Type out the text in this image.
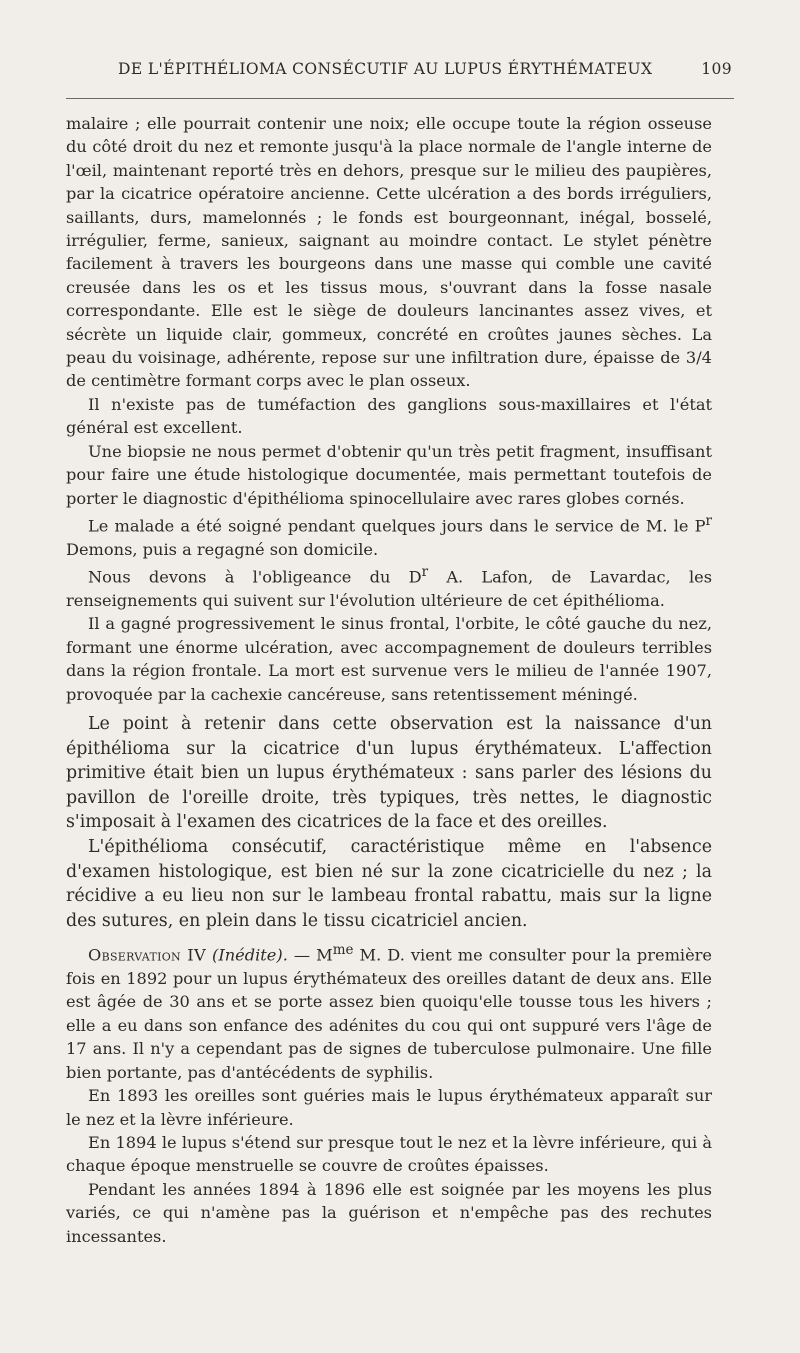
DE L'ÉPITHÉLIOMA CONSÉCUTIF AU LUPUS ÉRYTHÉMATEUX	109

malaire ; elle pourrait contenir une noix; elle occupe toute la région osseuse du côté droit du nez et remonte jusqu'à la place normale de l'angle interne de l'œil, maintenant reporté très en dehors, presque sur le milieu des paupières, par la cicatrice opératoire ancienne. Cette ulcération a des bords irréguliers, saillants, durs, mamelonnés ; le fonds est bourgeonnant, inégal, bosselé, irrégulier, ferme, sanieux, saignant au moindre contact. Le stylet pénètre facilement à travers les bourgeons dans une masse qui comble une cavité creusée dans les os et les tissus mous, s'ouvrant dans la fosse nasale correspondante. Elle est le siège de douleurs lancinantes assez vives, et sécrète un liquide clair, gommeux, concrété en croûtes jaunes sèches. La peau du voisinage, adhérente, repose sur une infiltration dure, épaisse de 3/4 de centimètre formant corps avec le plan osseux.

Il n'existe pas de tuméfaction des ganglions sous-maxillaires et l'état général est excellent.

Une biopsie ne nous permet d'obtenir qu'un très petit fragment, insuffisant pour faire une étude histologique documentée, mais permettant toutefois de porter le diagnostic d'épithélioma spinocellulaire avec rares globes cornés.

Le malade a été soigné pendant quelques jours dans le service de M. le $P^r$ Demons, puis a regagné son domicile.

Nous devons à l'obligeance du $D^r$ A. Lafon, de Lavardac, les renseignements qui suivent sur l'évolution ultérieure de cet épithélioma.

Il a gagné progressivement le sinus frontal, l'orbite, le côté gauche du nez, formant une énorme ulcération, avec accompagnement de douleurs terribles dans la région frontale. La mort est survenue vers le milieu de l'année 1907, provoquée par la cachexie cancéreuse, sans retentissement méningé.

Le point à retenir dans cette observation est la naissance d'un épithélioma sur la cicatrice d'un lupus érythémateux. L'affection primitive était bien un lupus érythémateux : sans parler des lésions du pavillon de l'oreille droite, très typiques, très nettes, le diagnostic s'imposait à l'examen des cicatrices de la face et des oreilles.

L'épithélioma consécutif, caractéristique même en l'absence d'examen histologique, est bien né sur la zone cicatricielle du nez ; la récidive a eu lieu non sur le lambeau frontal rabattu, mais sur la ligne des sutures, en plein dans le tissu cicatriciel ancien.

Observation IV (Inédite). — $M^{me}$ M. D. vient me consulter pour la première fois en 1892 pour un lupus érythémateux des oreilles datant de deux ans. Elle est âgée de 30 ans et se porte assez bien quoiqu'elle tousse tous les hivers ; elle a eu dans son enfance des adénites du cou qui ont suppuré vers l'âge de 17 ans. Il n'y a cependant pas de signes de tuberculose pulmonaire. Une fille bien portante, pas d'antécédents de syphilis.

En 1893 les oreilles sont guéries mais le lupus érythémateux apparaît sur le nez et la lèvre inférieure.

En 1894 le lupus s'étend sur presque tout le nez et la lèvre inférieure, qui à chaque époque menstruelle se couvre de croûtes épaisses.

Pendant les années 1894 à 1896 elle est soignée par les moyens les plus variés, ce qui n'amène pas la guérison et n'empêche pas des rechutes incessantes.
